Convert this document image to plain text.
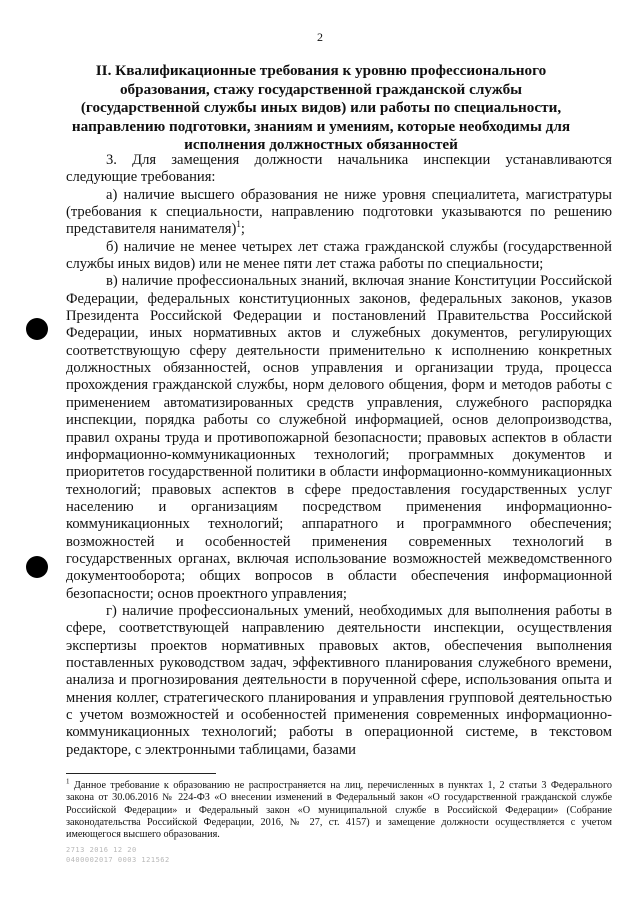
2
II. Квалификационные требования к уровню профессионального образования, стажу государственной гражданской службы (государственной службы иных видов) или работы по специальности, направлению подготовки, знаниям и умениям, которые необходимы для исполнения должностных обязанностей

3. Для замещения должности начальника инспекции устанавливаются следующие требования:

а) наличие высшего образования не ниже уровня специалитета, магистратуры (требования к специальности, направлению подготовки указываются по решению представителя нанимателя)$^1$;

б) наличие не менее четырех лет стажа гражданской службы (государственной службы иных видов) или не менее пяти лет стажа работы по специальности;

в) наличие профессиональных знаний, включая знание Конституции Российской Федерации, федеральных конституционных законов, федеральных законов, указов Президента Российской Федерации и постановлений Правительства Российской Федерации, иных нормативных актов и служебных документов, регулирующих соответствующую сферу деятельности применительно к исполнению конкретных должностных обязанностей, основ управления и организации труда, процесса прохождения гражданской службы, норм делового общения, форм и методов работы с применением автоматизированных средств управления, служебного распорядка инспекции, порядка работы со служебной информацией, основ делопроизводства, правил охраны труда и противопожарной безопасности; правовых аспектов в области информационно-коммуникационных технологий; программных документов и приоритетов государственной политики в области информационно-коммуникационных технологий; правовых аспектов в сфере предоставления государственных услуг населению и организациям посредством применения информационно-коммуникационных технологий; аппаратного и программного обеспечения; возможностей и особенностей применения современных технологий в государственных органах, включая использование возможностей межведомственного документооборота; общих вопросов в области обеспечения информационной безопасности; основ проектного управления;

г) наличие профессиональных умений, необходимых для выполнения работы в сфере, соответствующей направлению деятельности инспекции, осуществления экспертизы проектов нормативных правовых актов, обеспечения выполнения поставленных руководством задач, эффективного планирования служебного времени, анализа и прогнозирования деятельности в порученной сфере, использования опыта и мнения коллег, стратегического планирования и управления групповой деятельностью с учетом возможностей и особенностей применения современных информационно-коммуникационных технологий; работы в операционной системе, в текстовом редакторе, с электронными таблицами, базами

$^1$ Данное требование к образованию не распространяется на лиц, перечисленных в пунктах 1, 2 статьи 3 Федерального закона от 30.06.2016 № 224-ФЗ «О внесении изменений в Федеральный закон «О государственной гражданской службе Российской Федерации» и Федеральный закон «О муниципальной службе в Российской Федерации» (Собрание законодательства Российской Федерации, 2016, № 27, ст. 4157) и замещение должности осуществляется с учетом имеющегося высшего образования.
2713 2016 12 20
0400002017 0003 121562
